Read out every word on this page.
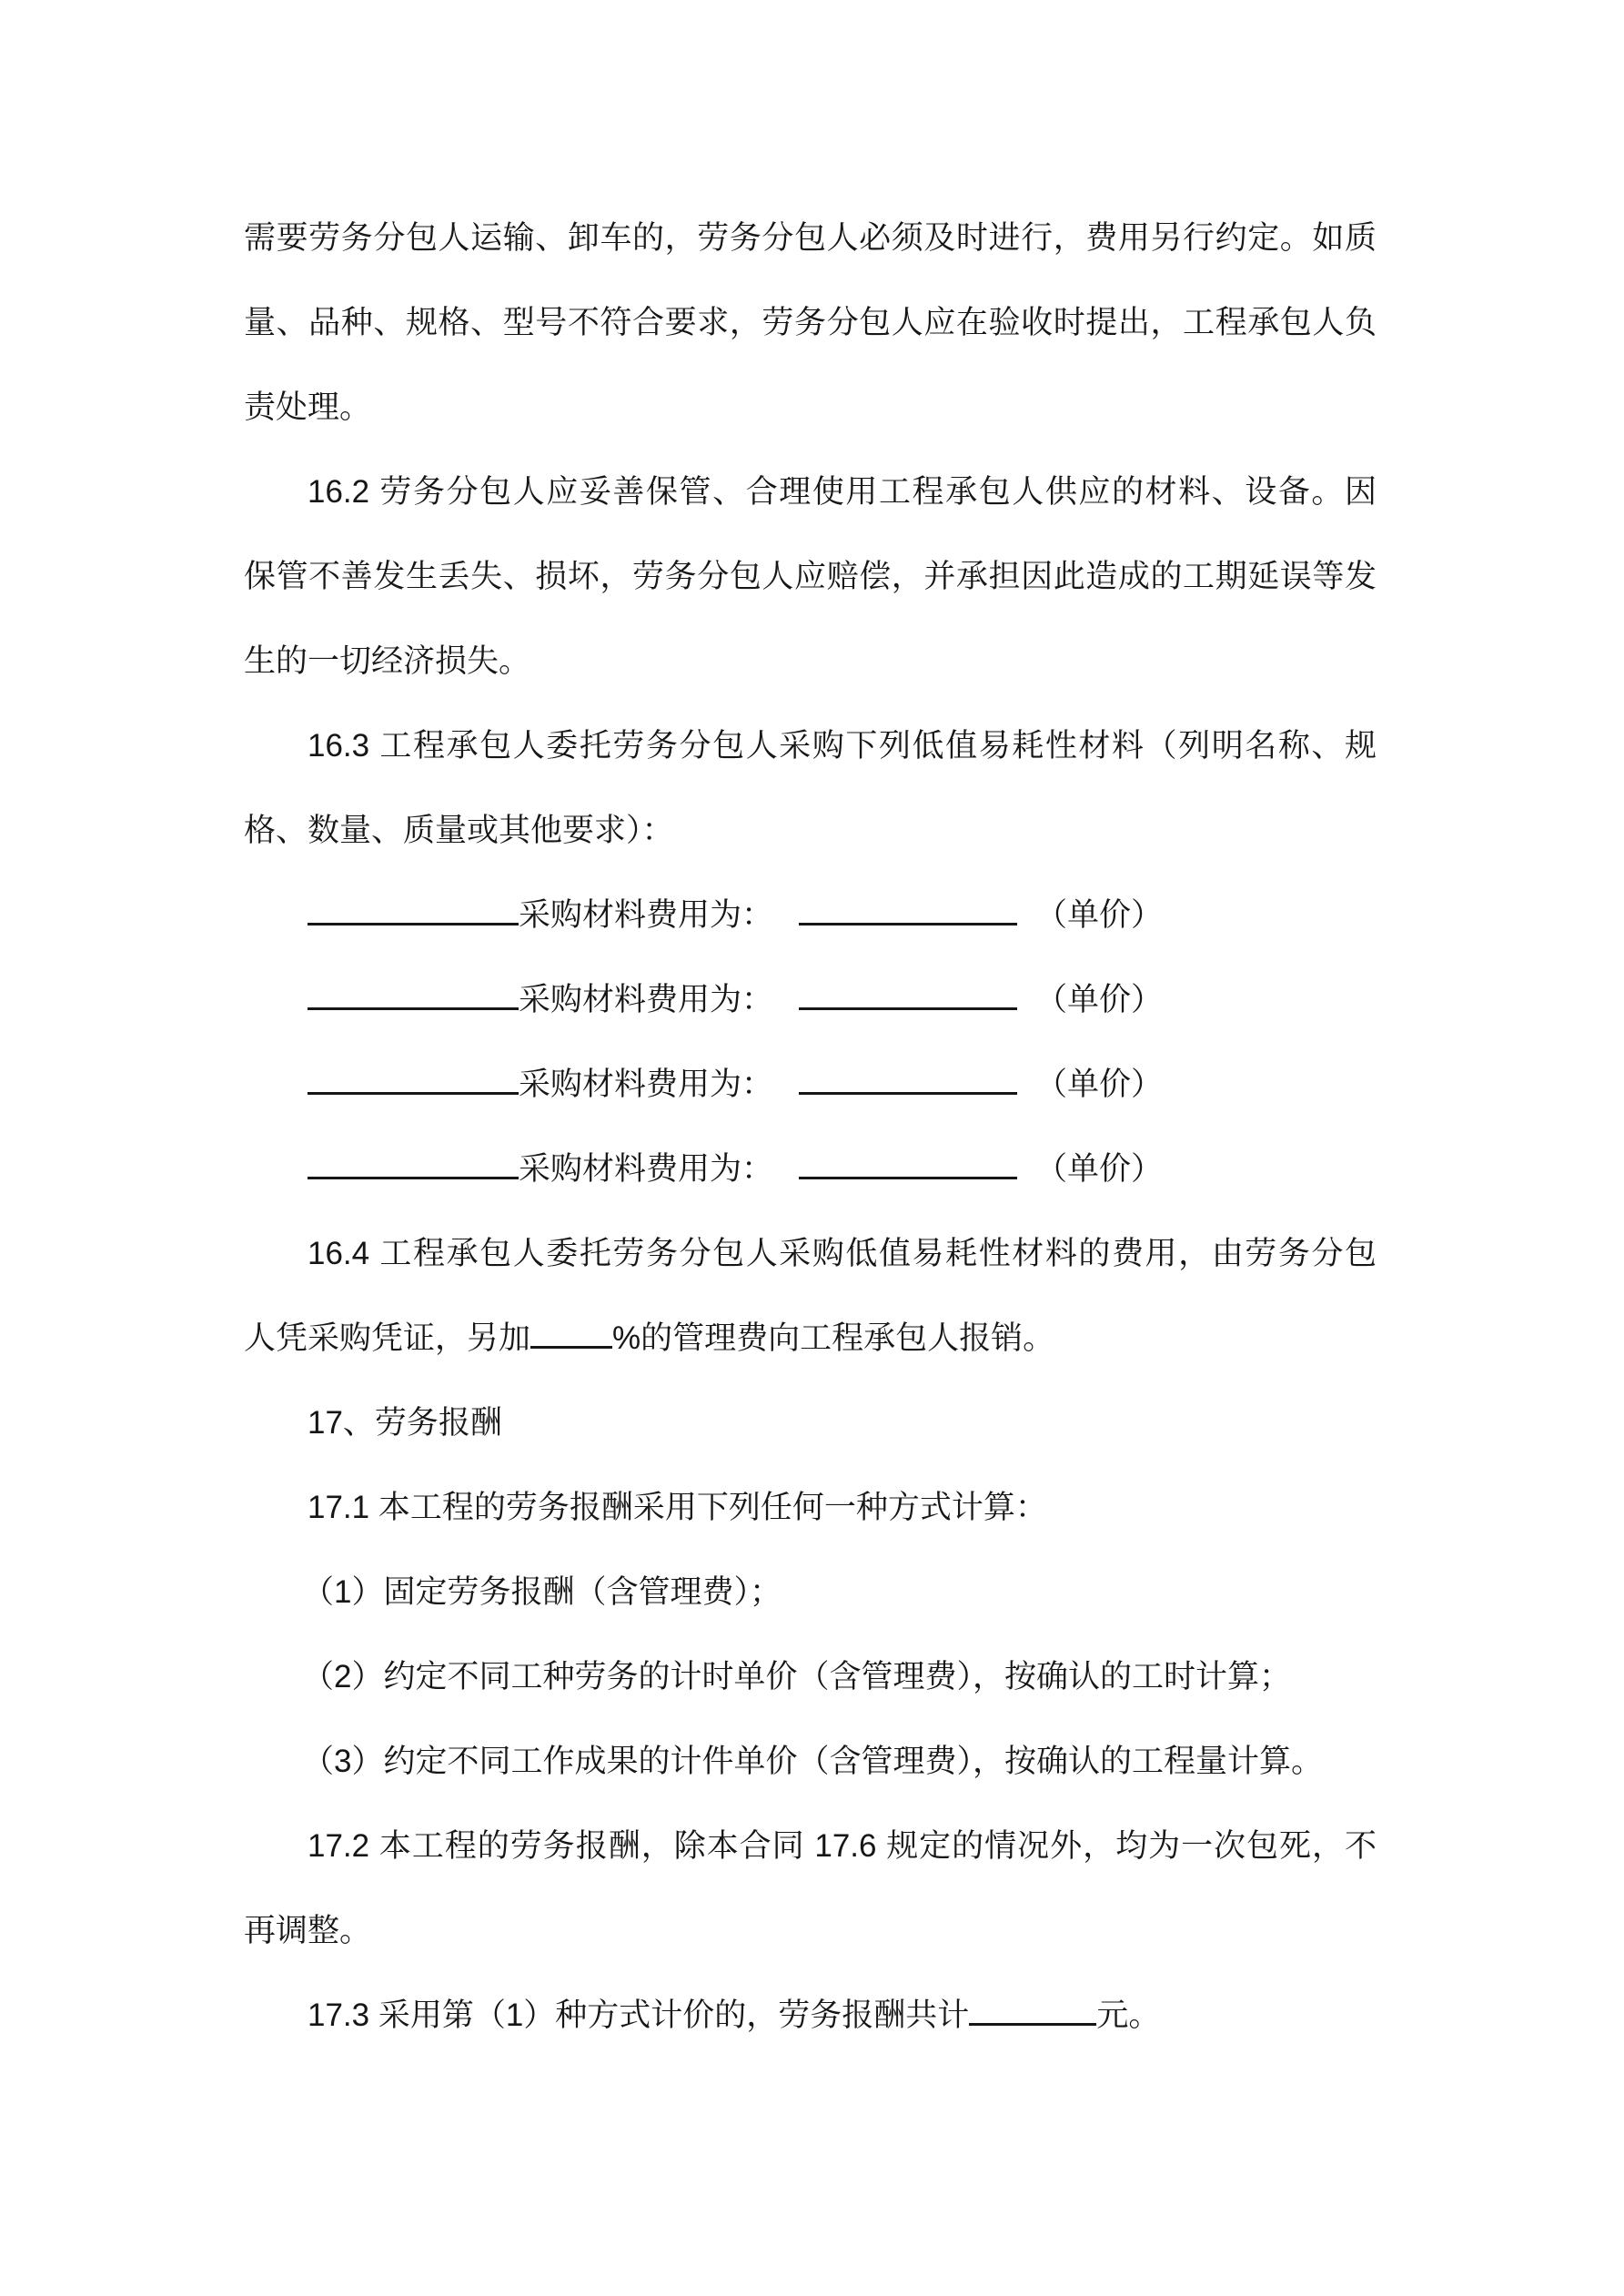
需要劳务分包人运输、卸车的，劳务分包人必须及时进行，费用另行约定。如质
量、品种、规格、型号不符合要求，劳务分包人应在验收时提出，工程承包人负
责处理。
16.2 劳务分包人应妥善保管、合理使用工程承包人供应的材料、设备。因
保管不善发生丢失、损坏，劳务分包人应赔偿，并承担因此造成的工期延误等发
生的一切经济损失。
16.3 工程承包人委托劳务分包人采购下列低值易耗性材料（列明名称、规
格、数量、质量或其他要求）：
采购材料费用为：	（单价）
采购材料费用为：	（单价）
采购材料费用为：	（单价）
采购材料费用为：	（单价）
16.4 工程承包人委托劳务分包人采购低值易耗性材料的费用，由劳务分包
人凭采购凭证，另加	%的管理费向工程承包人报销。
17、劳务报酬
17.1 本工程的劳务报酬采用下列任何一种方式计算：
（1）固定劳务报酬（含管理费）；
（2）约定不同工种劳务的计时单价（含管理费），按确认的工时计算；
（3）约定不同工作成果的计件单价（含管理费），按确认的工程量计算。
17.2 本工程的劳务报酬，除本合同 17.6 规定的情况外，均为一次包死，不
再调整。
17.3 采用第（1）种方式计价的，劳务报酬共计	元。
